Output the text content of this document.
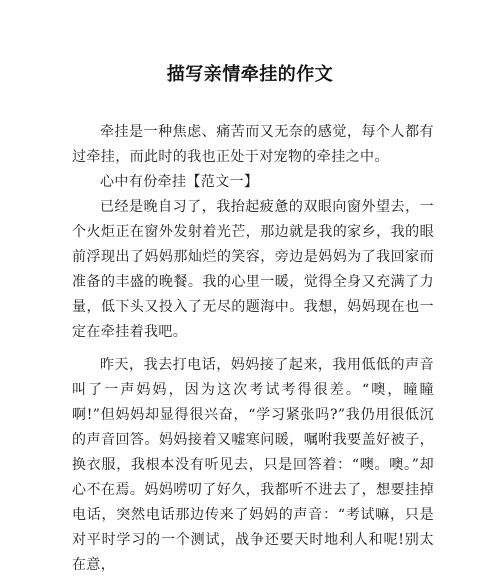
描写亲情牵挂的作文

牵挂是一种焦虑、痛苦而又无奈的感觉，每个人都有过牵挂，而此时的我也正处于对宠物的牵挂之中。

心中有份牵挂【范文一】

已经是晚自习了，我抬起疲惫的双眼向窗外望去，一个火炬正在窗外发射着光芒，那边就是我的家乡，我的眼前浮现出了妈妈那灿烂的笑容，旁边是妈妈为了我回家而准备的丰盛的晚餐。我的心里一暖，觉得全身又充满了力量，低下头又投入了无尽的题海中。我想，妈妈现在也一定在牵挂着我吧。

昨天，我去打电话，妈妈接了起来，我用低低的声音叫了一声妈妈，因为这次考试考得很差。“噢，瞳瞳啊!”但妈妈却显得很兴奋，“学习紧张吗?”我仍用很低沉的声音回答。妈妈接着又嘘寒问暖，嘱咐我要盖好被子，换衣服，我根本没有听见去，只是回答着：“噢。噢。”却心不在焉。妈妈唠叨了好久，我都听不进去了，想要挂掉电话，突然电话那边传来了妈妈的声音：“考试嘛，只是对平时学习的一个测试，战争还要天时地利人和呢!别太在意，
